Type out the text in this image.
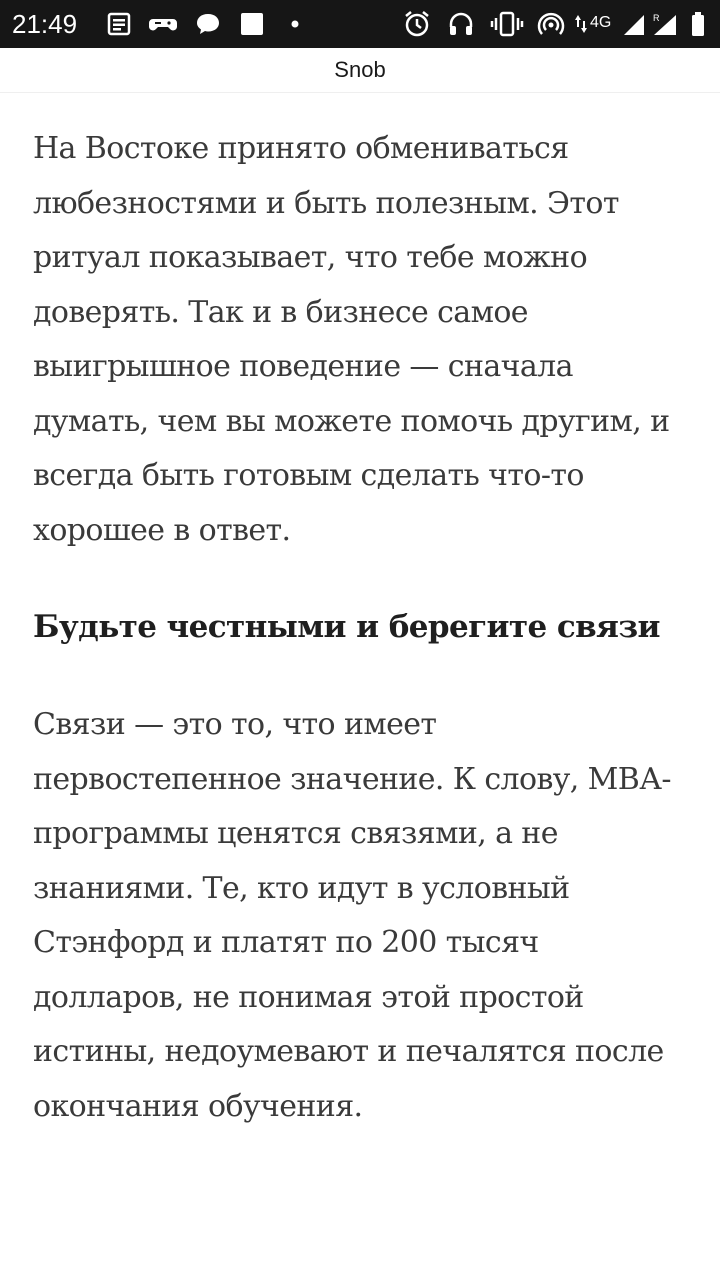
21:49	4G	R
Snob

На Востоке принято обмениваться любезностями и быть полезным. Этот ритуал показывает, что тебе можно доверять. Так и в бизнесе самое выигрышное поведение — сначала думать, чем вы можете помочь другим, и всегда быть готовым сделать что-то хорошее в ответ.

Будьте честными и берегите связи

Связи — это то, что имеет первостепенное значение. К слову, МВА-программы ценятся связями, а не знаниями. Те, кто идут в условный Стэнфорд и платят по 200 тысяч долларов, не понимая этой простой истины, недоумевают и печалятся после окончания обучения.
